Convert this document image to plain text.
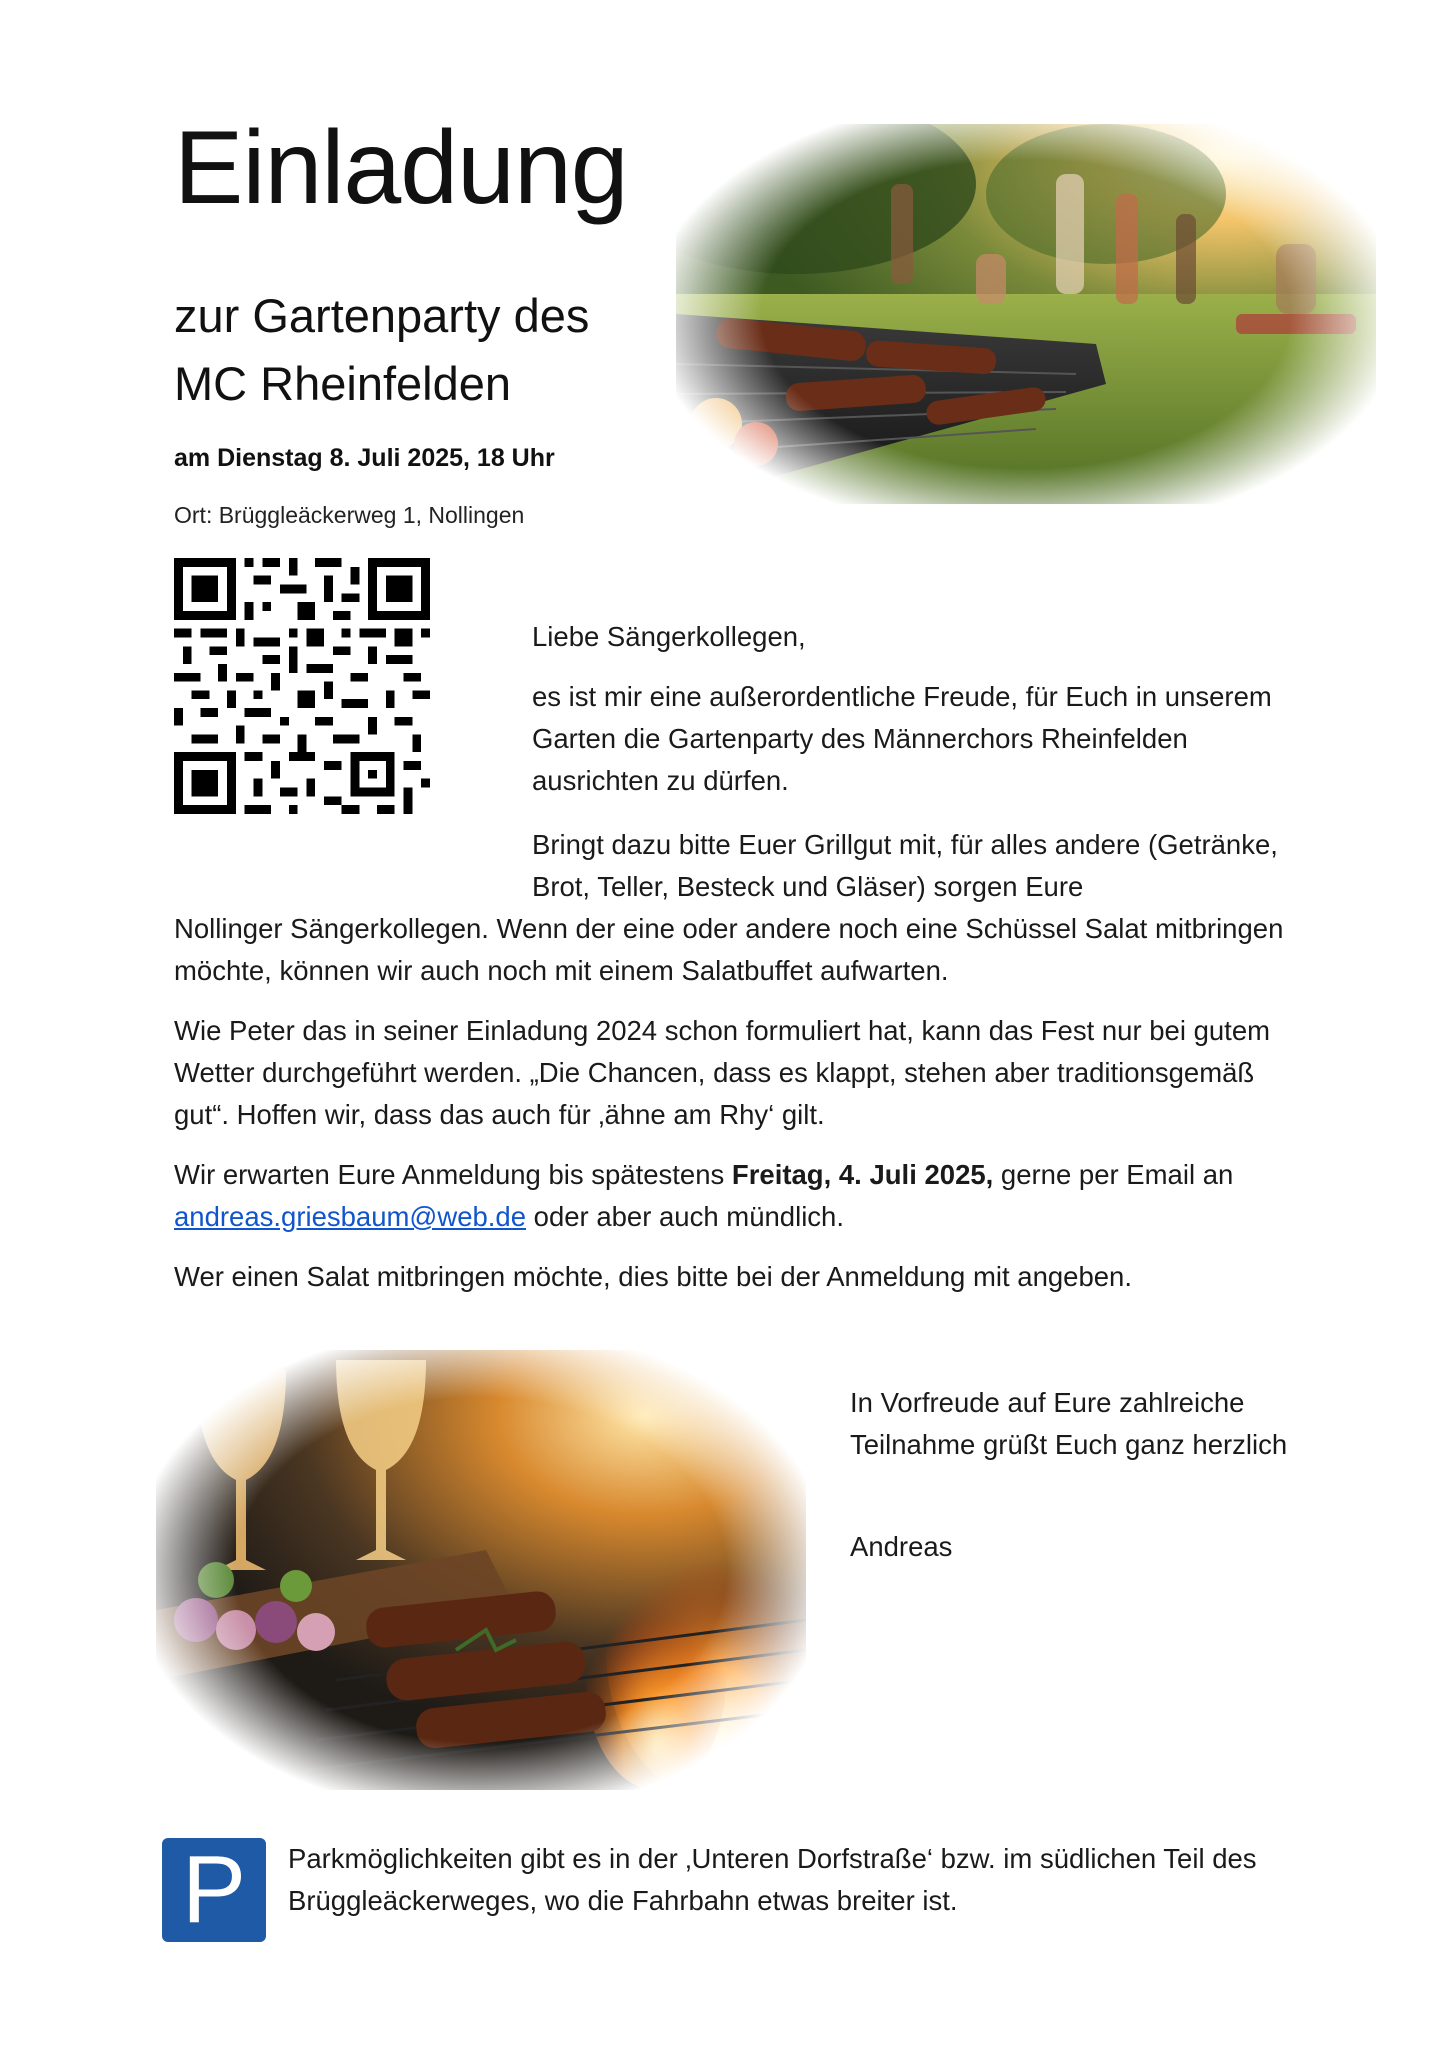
Einladung
zur Gartenparty des
MC Rheinfelden
am Dienstag 8. Juli 2025, 18 Uhr
Ort: Brüggleäckerweg 1, Nollingen
Liebe Sängerkollegen,
es ist mir eine außerordentliche Freude, für Euch in unserem Garten die Gartenparty des Männerchors Rheinfelden ausrichten zu dürfen.
Bringt dazu bitte Euer Grillgut mit, für alles andere (Getränke, Brot, Teller, Besteck und Gläser) sorgen Eure
Nollinger Sängerkollegen. Wenn der eine oder andere noch eine Schüssel Salat mitbringen möchte, können wir auch noch mit einem Salatbuffet aufwarten.
Wie Peter das in seiner Einladung 2024 schon formuliert hat, kann das Fest nur bei gutem Wetter durchgeführt werden. „Die Chancen, dass es klappt, stehen aber traditionsgemäß gut“. Hoffen wir, dass das auch für ‚ähne am Rhy‘ gilt.
Wir erwarten Eure Anmeldung bis spätestens Freitag, 4. Juli 2025, gerne per Email an
andreas.griesbaum@web.de oder aber auch mündlich.
Wer einen Salat mitbringen möchte, dies bitte bei der Anmeldung mit angeben.
In Vorfreude auf Eure zahlreiche Teilnahme grüßt Euch ganz herzlich
Andreas
P	Parkmöglichkeiten gibt es in der ‚Unteren Dorfstraße‘ bzw. im südlichen Teil des Brüggleäckerweges, wo die Fahrbahn etwas breiter ist.
